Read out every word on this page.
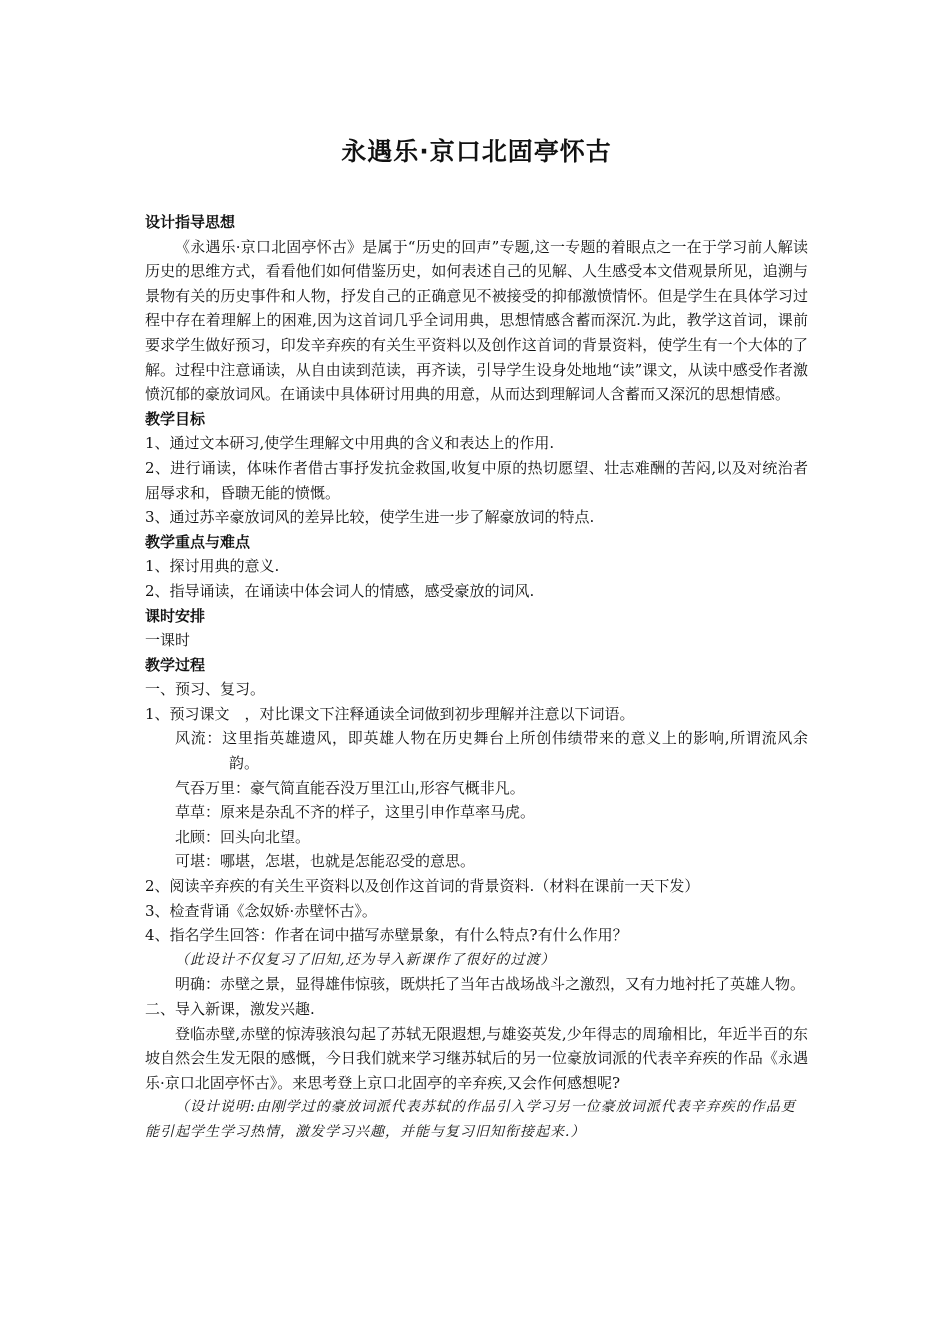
永遇乐·京口北固亭怀古
设计指导思想
《永遇乐·京口北固亭怀古》是属于“历史的回声”专题,这一专题的着眼点之一在于学习前人解读历史的思维方式，看看他们如何借鉴历史，如何表述自己的见解、人生感受本文借观景所见，追溯与景物有关的历史事件和人物，抒发自己的正确意见不被接受的抑郁激愤情怀。但是学生在具体学习过程中存在着理解上的困难,因为这首词几乎全词用典，思想情感含蓄而深沉.为此，教学这首词，课前要求学生做好预习，印发辛弃疾的有关生平资料以及创作这首词的背景资料，使学生有一个大体的了解。过程中注意诵读，从自由读到范读，再齐读，引导学生设身处地地“读”课文，从读中感受作者激愤沉郁的豪放词风。在诵读中具体研讨用典的用意，从而达到理解词人含蓄而又深沉的思想情感。
教学目标
1、通过文本研习,使学生理解文中用典的含义和表达上的作用.
2、进行诵读，体味作者借古事抒发抗金救国,收复中原的热切愿望、壮志难酬的苦闷,以及对统治者屈辱求和，昏聩无能的愤慨。
3、通过苏辛豪放词风的差异比较，使学生进一步了解豪放词的特点.
教学重点与难点
1、探讨用典的意义.
2、指导诵读，在诵读中体会词人的情感，感受豪放的词风.
课时安排
一课时
教学过程
一、预习、复习。
1、预习课文　，对比课文下注释通读全词做到初步理解并注意以下词语。
风流：这里指英雄遗风，即英雄人物在历史舞台上所创伟绩带来的意义上的影响,所谓流风余韵。
气吞万里：豪气简直能吞没万里江山,形容气概非凡。
草草：原来是杂乱不齐的样子，这里引申作草率马虎。
北顾：回头向北望。
可堪：哪堪，怎堪，也就是怎能忍受的意思。
2、阅读辛弃疾的有关生平资料以及创作这首词的背景资料.（材料在课前一天下发）
3、检查背诵《念奴娇·赤壁怀古》。
4、指名学生回答：作者在词中描写赤壁景象，有什么特点?有什么作用？
（此设计不仅复习了旧知,还为导入新课作了很好的过渡）
明确：赤壁之景，显得雄伟惊骇，既烘托了当年古战场战斗之激烈，又有力地衬托了英雄人物。
二、导入新课，激发兴趣.
登临赤壁,赤壁的惊涛骇浪勾起了苏轼无限遐想,与雄姿英发,少年得志的周瑜相比，年近半百的东坡自然会生发无限的感慨，今日我们就来学习继苏轼后的另一位豪放词派的代表辛弃疾的作品《永遇乐·京口北固亭怀古》。来思考登上京口北固亭的辛弃疾,又会作何感想呢?
（设计说明:由刚学过的豪放词派代表苏轼的作品引入学习另一位豪放词派代表辛弃疾的作品更能引起学生学习热情，激发学习兴趣，并能与复习旧知衔接起来.）
